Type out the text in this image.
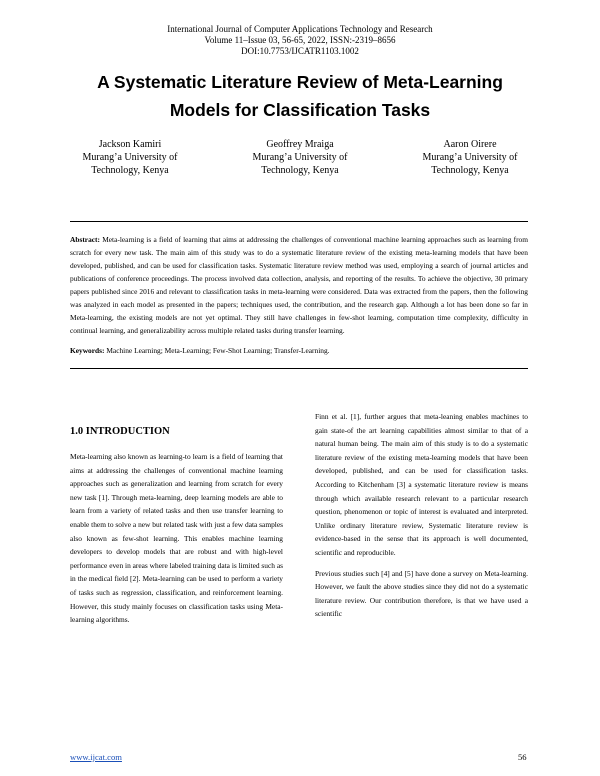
International Journal of Computer Applications Technology and Research
Volume 11–Issue 03, 56-65, 2022, ISSN:-2319–8656
DOI:10.7753/IJCATR1103.1002
A Systematic Literature Review of Meta-Learning
Models for Classification Tasks
Jackson Kamiri
Murang’a University of
Technology, Kenya
Geoffrey Mraiga
Murang’a University of
Technology, Kenya
Aaron Oirere
Murang’a University of
Technology, Kenya
Abstract: Meta-learning is a field of learning that aims at addressing the challenges of conventional machine learning approaches such as learning from scratch for every new task. The main aim of this study was to do a systematic literature review of the existing meta-learning models that have been developed, published, and can be used for classification tasks. Systematic literature review method was used, employing a search of journal articles and publications of conference proceedings. The process involved data collection, analysis, and reporting of the results. To achieve the objective, 30 primary papers published since 2016 and relevant to classification tasks in meta-learning were considered. Data was extracted from the papers, then the following was analyzed in each model as presented in the papers; techniques used, the contribution, and the research gap. Although a lot has been done so far in Meta-learning, the existing models are not yet optimal. They still have challenges in few-shot learning, computation time complexity, difficulty in continual learning, and generalizability across multiple related tasks during transfer learning.
Keywords: Machine Learning; Meta-Learning; Few-Shot Learning; Transfer-Learning.
1.0 INTRODUCTION

Meta-learning also known as learning-to learn is a field of learning that aims at addressing the challenges of conventional machine learning approaches such as generalization and learning from scratch for every new task [1]. Through meta-learning, deep learning models are able to learn from a variety of related tasks and then use transfer learning to enable them to solve a new but related task with just a few data samples also known as few-shot learning. This enables machine learning developers to develop models that are robust and with high-level performance even in areas where labeled training data is limited such as in the medical field [2]. Meta-learning can be used to perform a variety of tasks such as regression, classification, and reinforcement learning. However, this study mainly focuses on classification tasks using Meta-learning algorithms.

Finn et al. [1], further argues that meta-leaning enables machines to gain state-of the art learning capabilities almost similar to that of a natural human being. The main aim of this study is to do a systematic literature review of the existing meta-learning models that have been developed, published, and can be used for classification tasks. According to Kitchenham [3] a systematic literature review is means through which available research relevant to a particular research question, phenomenon or topic of interest is evaluated and interpreted. Unlike ordinary literature review, Systematic literature review is evidence-based in the sense that its approach is well documented, scientific and reproducible.

Previous studies such [4] and [5] have done a survey on Meta-learning. However, we fault the above studies since they did not do a systematic literature review. Our contribution therefore, is that we have used a scientific

www.ijcat.com	56
